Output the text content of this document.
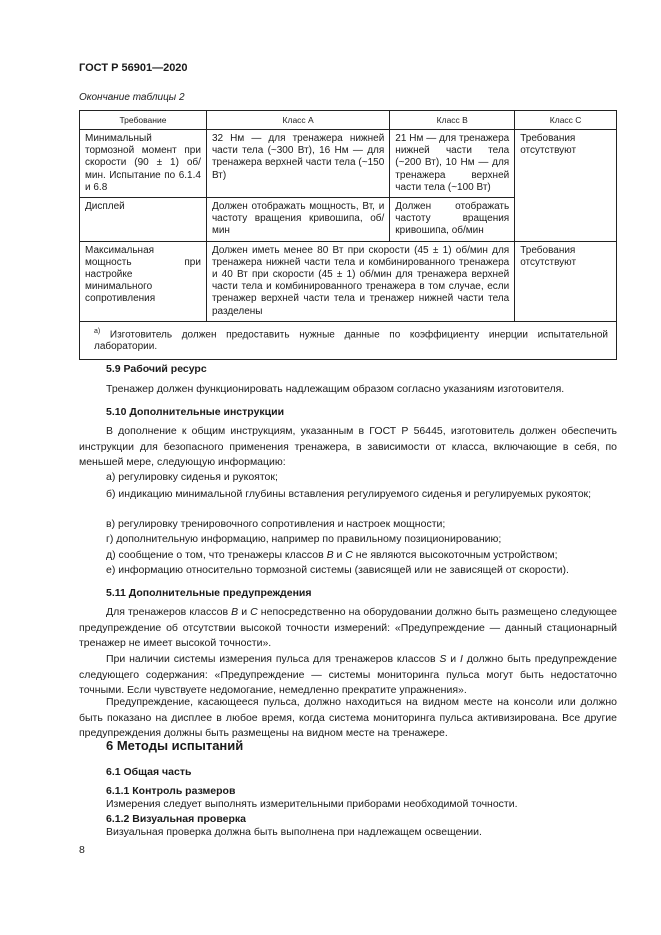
ГОСТ Р 56901—2020
Окончание таблицы 2
Требование	Класс A	Класс B	Класс C
Минимальный тормозной момент при скорости (90 ± 1) об/мин. Испытание по 6.1.4 и 6.8	32 Нм — для тренажера нижней части тела (~300 Вт), 16 Нм — для тренажера верхней части тела (~150 Вт)	21 Нм — для тренажера нижней части тела (~200 Вт), 10 Нм — для тренажера верхней части тела (~100 Вт)	Требования отсутствуют
Дисплей	Должен отображать мощность, Вт, и частоту вращения кривошипа, об/мин	Должен отображать частоту вращения кривошипа, об/мин	
Максимальная мощность при настройке минимального сопротивления	Должен иметь менее 80 Вт при скорости (45 ± 1) об/мин для тренажера нижней части тела и комбинированного тренажера и 40 Вт при скорости (45 ± 1) об/мин для тренажера верхней части тела и комбинированного тренажера в том случае, если тренажер верхней части тела и тренажер нижней части тела разделены		Требования отсутствуют
$^{а)}$ Изготовитель должен предоставить нужные данные по коэффициенту инерции испытательной лаборатории.			
5.9 Рабочий ресурс
Тренажер должен функционировать надлежащим образом согласно указаниям изготовителя.
5.10 Дополнительные инструкции
В дополнение к общим инструкциям, указанным в ГОСТ Р 56445, изготовитель должен обеспечить инструкции для безопасного применения тренажера, в зависимости от класса, включающие в себя, по меньшей мере, следующую информацию:
а) регулировку сиденья и рукояток;
б) индикацию минимальной глубины вставления регулируемого сиденья и регулируемых рукояток;
в) регулировку тренировочного сопротивления и настроек мощности;
г) дополнительную информацию, например по правильному позиционированию;
д) сообщение о том, что тренажеры классов B и C не являются высокоточным устройством;
е) информацию относительно тормозной системы (зависящей или не зависящей от скорости).
5.11 Дополнительные предупреждения
Для тренажеров классов B и C непосредственно на оборудовании должно быть размещено следующее предупреждение об отсутствии высокой точности измерений: «Предупреждение — данный стационарный тренажер не имеет высокой точности».
При наличии системы измерения пульса для тренажеров классов S и I должно быть предупреждение следующего содержания: «Предупреждение — системы мониторинга пульса могут быть недостаточно точными. Если чувствуете недомогание, немедленно прекратите упражнения».
Предупреждение, касающееся пульса, должно находиться на видном месте на консоли или должно быть показано на дисплее в любое время, когда система мониторинга пульса активизирована. Все другие предупреждения должны быть размещены на видном месте на тренажере.
6 Методы испытаний
6.1 Общая часть
6.1.1 Контроль размеров
Измерения следует выполнять измерительными приборами необходимой точности.
6.1.2 Визуальная проверка
Визуальная проверка должна быть выполнена при надлежащем освещении.
8
